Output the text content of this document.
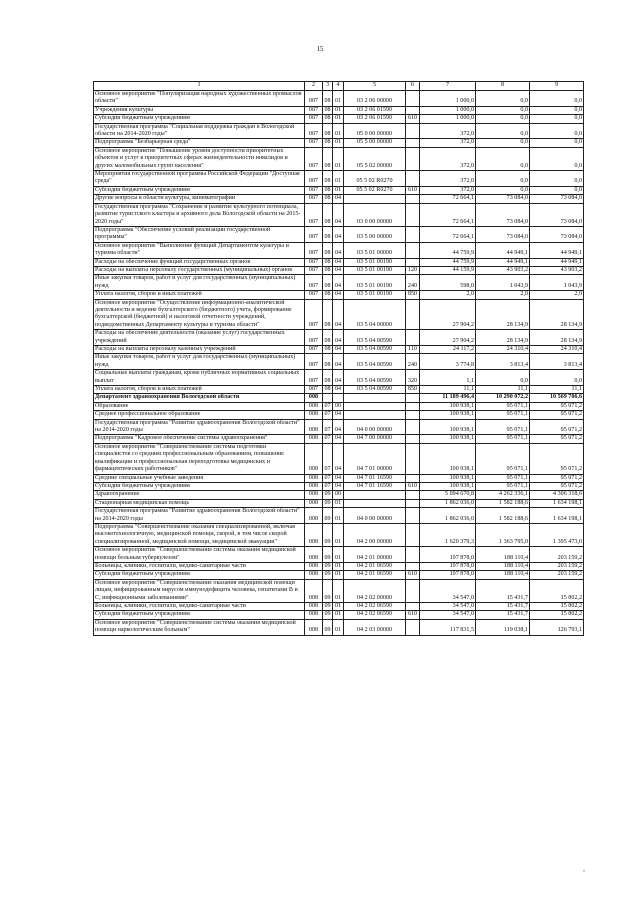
15
1	2	3	4	5	6	7	8	9
Основное мероприятие "Популяризация народных художественных промыслов области"	007	08	01	03 2 06 00000		1 000,0	0,0	0,0
Учреждения культуры	007	08	01	03 2 06 01590		1 000,0	0,0	0,0
Субсидии бюджетным учреждениям	007	08	01	03 2 06 01590	610	1 000,0	0,0	0,0
Государственная программа "Социальная поддержка граждан в Вологодской области на 2014-2020 годы"	007	08	01	05 0 00 00000		372,0	0,0	0,0
Подпрограмма "Безбарьерная среда"	007	08	01	05 5 00 00000		372,0	0,0	0,0
Основное мероприятие "Повышение уровня доступности приоритетных объектов и услуг в приоритетных сферах жизнедеятельности инвалидов и других маломобильных групп населения"	007	08	01	05 5 02 00000		372,0	0,0	0,0
Мероприятия государственной программы Российской Федерации "Доступная среда"	007	08	01	05 5 02 R0270		372,0	0,0	0,0
Субсидии бюджетным учреждениям	007	08	01	05 5 02 R0270	610	372,0	0,0	0,0
Другие вопросы в области культуры, кинематографии	007	08	04			72 664,1	73 084,0	73 084,0
Государственная программа "Сохранение и развитие культурного потенциала, развитие туристского кластера и архивного дела Вологодской области на 2015-2020 годы"	007	08	04	03 0 00 00000		72 664,1	73 084,0	73 084,0
Подпрограмма "Обеспечение условий реализации государственной программы"	007	08	04	03 5 00 00000		72 664,1	73 084,0	73 084,0
Основное мероприятие "Выполнение функций Департаментом культуры и туризма области"	007	08	04	03 5 01 00000		44 759,9	44 949,1	44 949,1
Расходы на обеспечение функций государственных органов	007	08	04	03 5 01 00190		44 759,9	44 949,1	44 949,1
Расходы на выплаты персоналу государственных (муниципальных) органов	007	08	04	03 5 01 00190	120	44 159,9	43 903,2	43 903,2
Иные закупки товаров, работ и услуг для государственных (муниципальных) нужд	007	08	04	03 5 01 00190	240	598,0	1 043,9	1 043,9
Уплата налогов, сборов и иных платежей	007	08	04	03 5 01 00190	850	2,0	2,0	2,0
Основное мероприятие "Осуществление информационно-аналитической деятельности и ведение бухгалтерского (бюджетного) учета, формирование бухгалтерской (бюджетной) и налоговой отчетности учреждений, подведомственных Департаменту культуры и туризма области"	007	08	04	03 5 04 00000		27 904,2	28 134,9	28 134,9
Расходы на обеспечение деятельности (оказание услуг) государственных учреждений	007	08	04	03 5 04 00590		27 904,2	28 134,9	28 134,9
Расходы на выплаты персоналу казенных учреждений	007	08	04	03 5 04 00590	110	24 117,2	24 310,4	24 310,4
Иные закупки товаров, работ и услуг для государственных (муниципальных) нужд	007	08	04	03 5 04 00590	240	3 774,8	3 813,4	3 813,4
Социальные выплаты гражданам, кроме публичных нормативных социальных выплат	007	08	04	03 5 04 00590	320	1,1	0,0	0,0
Уплата налогов, сборов и иных платежей	007	08	04	03 5 04 00590	850	11,1	11,1	11,1
Департамент здравоохранения Вологодской области	008					11 189 496,4	10 290 072,2	10 569 706,6
Образование	008	07	00			100 938,1	95 071,1	95 071,2
Среднее профессиональное образование	008	07	04			100 938,1	95 071,1	95 071,2
Государственная программа "Развитие здравоохранения Вологодской области" на 2014-2020 годы	008	07	04	04 0 00 00000		100 938,1	95 071,1	95 071,2
Подпрограмма "Кадровое обеспечение системы здравоохранения"	008	07	04	04 7 00 00000		100 938,1	95 071,1	95 071,2
Основное мероприятие "Совершенствование системы подготовки специалистов со средним профессиональным образованием, повышение квалификации и профессиональная переподготовка медицинских и фармацевтических работников"	008	07	04	04 7 01 00000		100 938,1	95 071,1	95 071,2
Средние специальные учебные заведения	008	07	04	04 7 01 16590		100 938,1	95 071,1	95 071,2
Субсидии бюджетным учреждениям	008	07	04	04 7 01 16590	610	100 938,1	95 071,1	95 071,2
Здравоохранение	008	09	00			5 094 670,8	4 262 336,1	4 306 318,6
Стационарная медицинская помощь	008	09	01			1 862 036,0	1 582 188,6	1 634 198,1
Государственная программа "Развитие здравоохранения Вологодской области" на 2014-2020 годы	008	09	01	04 0 00 00000		1 862 036,0	1 582 188,6	1 634 198,1
Подпрограмма "Совершенствование оказания специализированной, включая высокотехнологичную, медицинской помощи, скорой, в том числе скорой специализированной, медицинской помощи, медицинской эвакуации"	008	09	01	04 2 00 00000		1 620 379,3	1 363 795,0	1 395 473,0
Основное мероприятие "Совершенствование системы оказания медицинской помощи больным туберкулезом"	008	09	01	04 2 01 00000		197 878,0	188 110,4	203 159,2
Больницы, клиники, госпитали, медико-санитарные части	008	09	01	04 2 01 06590		197 878,0	188 110,4	203 159,2
Субсидии бюджетным учреждениям	008	09	01	04 2 01 06590	610	197 878,0	188 110,4	203 159,2
Основное мероприятие "Совершенствование оказания медицинской помощи лицам, инфицированным вирусом иммунодефицита человека, гепатитами В и С, инфекционными заболеваниями"	008	09	01	04 2 02 00000		34 547,0	15 431,7	15 802,2
Больницы, клиники, госпитали, медико-санитарные части	008	09	01	04 2 02 06590		34 547,0	15 431,7	15 802,2
Субсидии бюджетным учреждениям	008	09	01	04 2 02 06590	610	34 547,0	15 431,7	15 802,2
Основное мероприятие "Совершенствование системы оказания медицинской помощи наркологическим больным"	008	09	01	04 2 03 00000		117 831,5	119 038,1	126 793,1
‹
